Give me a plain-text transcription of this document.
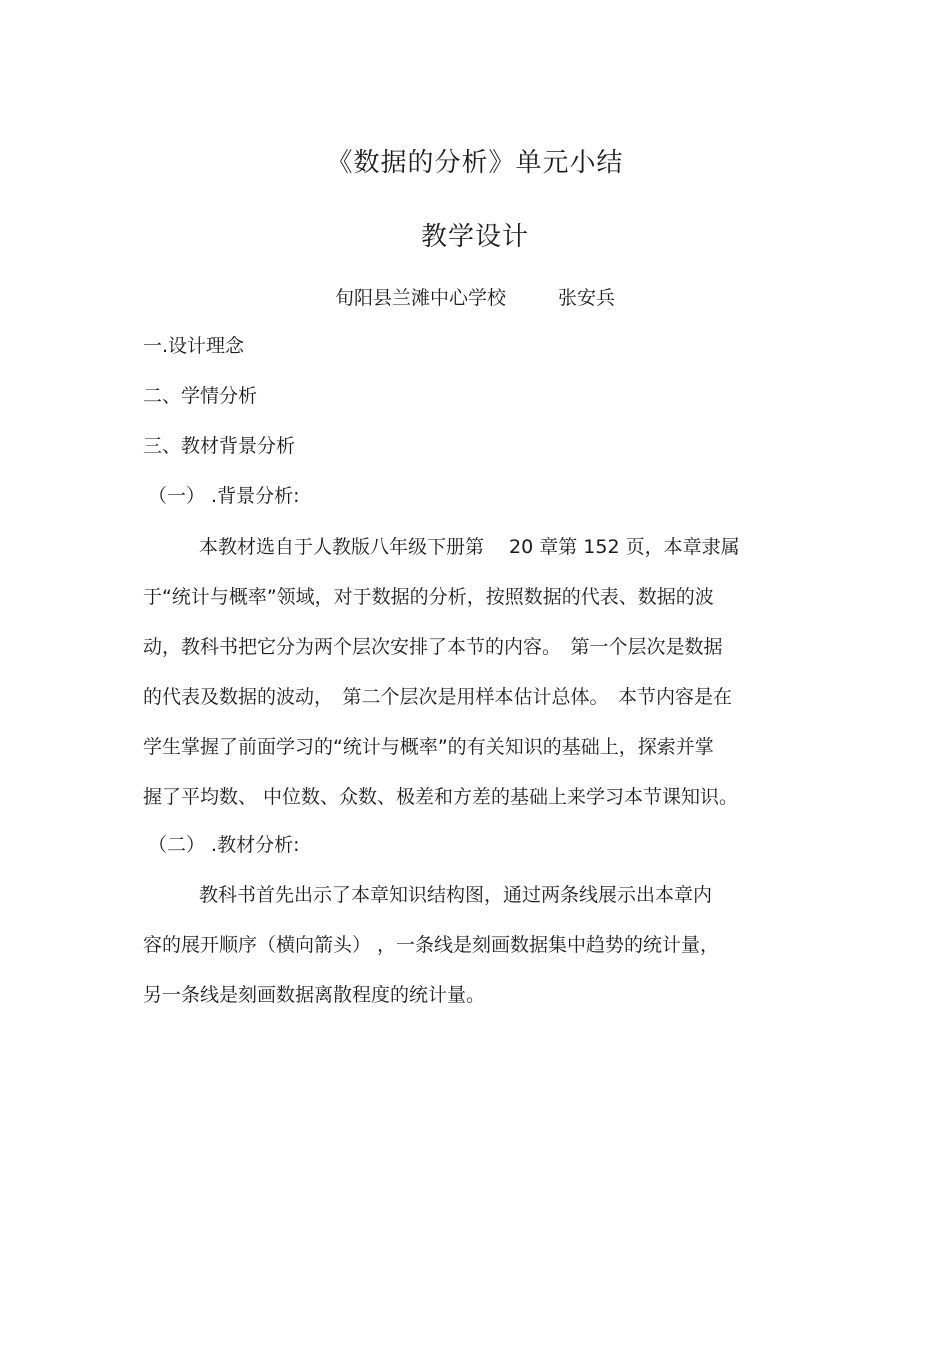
《数据的分析》单元小结
教学设计
旬阳县兰滩中心学校	张安兵
一.设计理念
二、学情分析
三、教材背景分析
（一） .背景分析:
本教材选自于人教版八年级下册第　 20 章第 152 页，本章隶属
于“统计与概率”领域，对于数据的分析，按照数据的代表、数据的波
动，教科书把它分为两个层次安排了本节的内容。　第一个层次是数据
的代表及数据的波动，　第二个层次是用样本估计总体。　本节内容是在
学生掌握了前面学习的“统计与概率”的有关知识的基础上，探索并掌
握了平均数、 中位数、众数、极差和方差的基础上来学习本节课知识。
（二） .教材分析:
教科书首先出示了本章知识结构图，通过两条线展示出本章内
容的展开顺序（横向箭头） ，一条线是刻画数据集中趋势的统计量，
另一条线是刻画数据离散程度的统计量。
